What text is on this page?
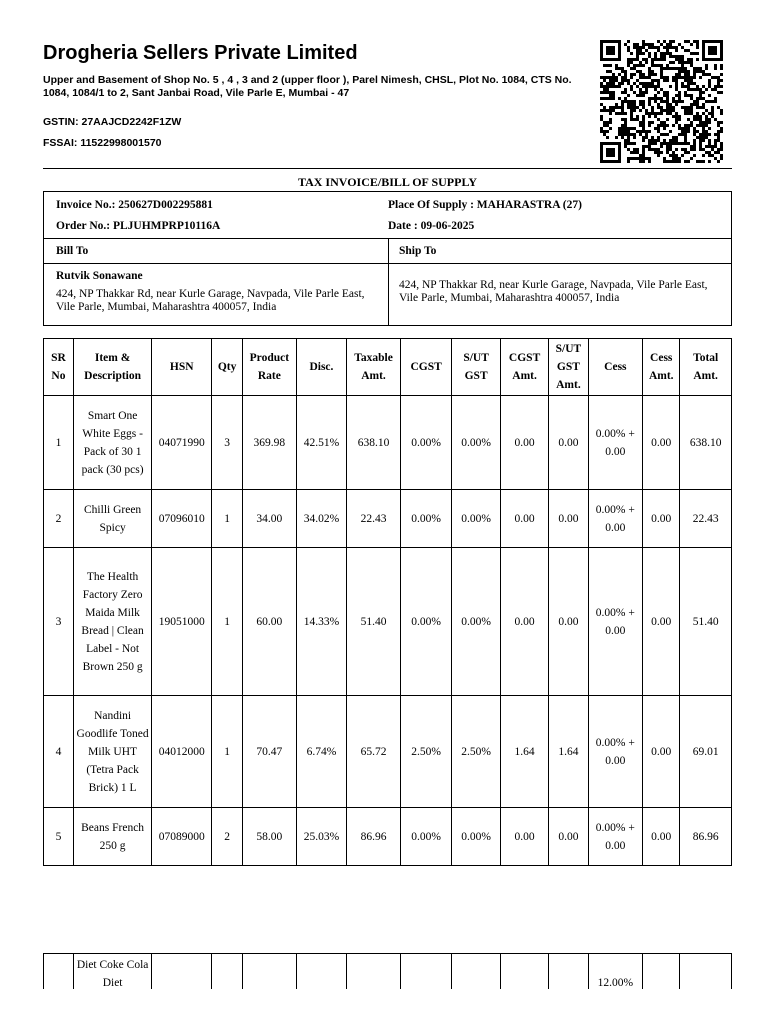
Drogheria Sellers Private Limited
Upper and Basement of Shop No. 5 , 4 , 3 and 2 (upper floor ), Parel Nimesh, CHSL, Plot No. 1084, CTS No. 1084, 1084/1 to 2, Sant Janbai Road, Vile Parle E, Mumbai - 47
GSTIN: 27AAJCD2242F1ZW
FSSAI: 11522998001570
TAX INVOICE/BILL OF SUPPLY
Invoice No.: 250627D002295881
Order No.: PLJUHMPRP10116A
Place Of Supply : MAHARASTRA (27)
Date : 09-06-2025
Bill To	Ship To
Rutvik Sonawane
424, NP Thakkar Rd, near Kurle Garage, Navpada, Vile Parle East, Vile Parle, Mumbai, Maharashtra 400057, India
424, NP Thakkar Rd, near Kurle Garage, Navpada, Vile Parle East, Vile Parle, Mumbai, Maharashtra 400057, India
SR No	Item & Description	HSN	Qty	Product Rate	Disc.	Taxable Amt.	CGST	S/UT GST	CGST Amt.	S/UT GST Amt.	Cess	Cess Amt.	Total Amt.
1	Smart One White Eggs - Pack of 30 1 pack (30 pcs)	04071990	3	369.98	42.51%	638.10	0.00%	0.00%	0.00	0.00	0.00% + 0.00	0.00	638.10
2	Chilli Green Spicy	07096010	1	34.00	34.02%	22.43	0.00%	0.00%	0.00	0.00	0.00% + 0.00	0.00	22.43
3	The Health Factory Zero Maida Milk Bread | Clean Label - Not Brown 250 g	19051000	1	60.00	14.33%	51.40	0.00%	0.00%	0.00	0.00	0.00% + 0.00	0.00	51.40
4	Nandini Goodlife Toned Milk UHT (Tetra Pack Brick) 1 L	04012000	1	70.47	6.74%	65.72	2.50%	2.50%	1.64	1.64	0.00% + 0.00	0.00	69.01
5	Beans French 250 g	07089000	2	58.00	25.03%	86.96	0.00%	0.00%	0.00	0.00	0.00% + 0.00	0.00	86.96
	Diet Coke Cola Diet										12.00%		
